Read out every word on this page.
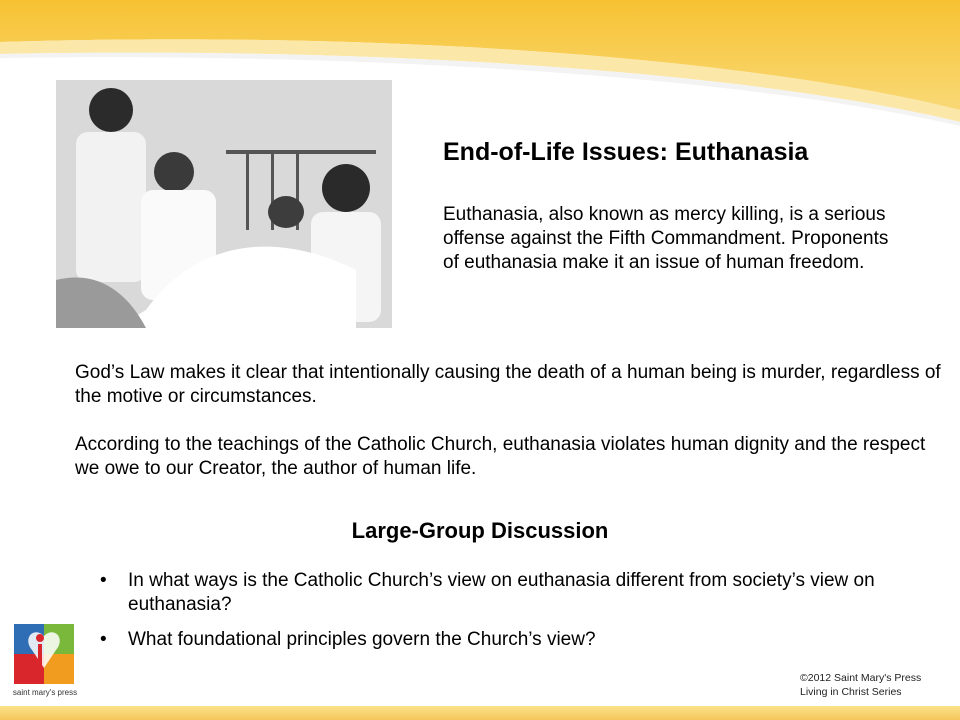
End-of-Life Issues: Euthanasia
Euthanasia, also known as mercy killing, is a serious offense against the Fifth Commandment. Proponents of euthanasia make it an issue of human freedom.
God’s Law makes it clear that intentionally causing the death of a human being is murder, regardless of the motive or circumstances.
According to the teachings of the Catholic Church, euthanasia violates human dignity and the respect we owe to our Creator, the author of human life.
Large-Group Discussion
• In what ways is the Catholic Church’s view on euthanasia different from society’s view on euthanasia?
• What foundational principles govern the Church’s view?
saint mary's press
©2012 Saint Mary's Press
Living in Christ Series
